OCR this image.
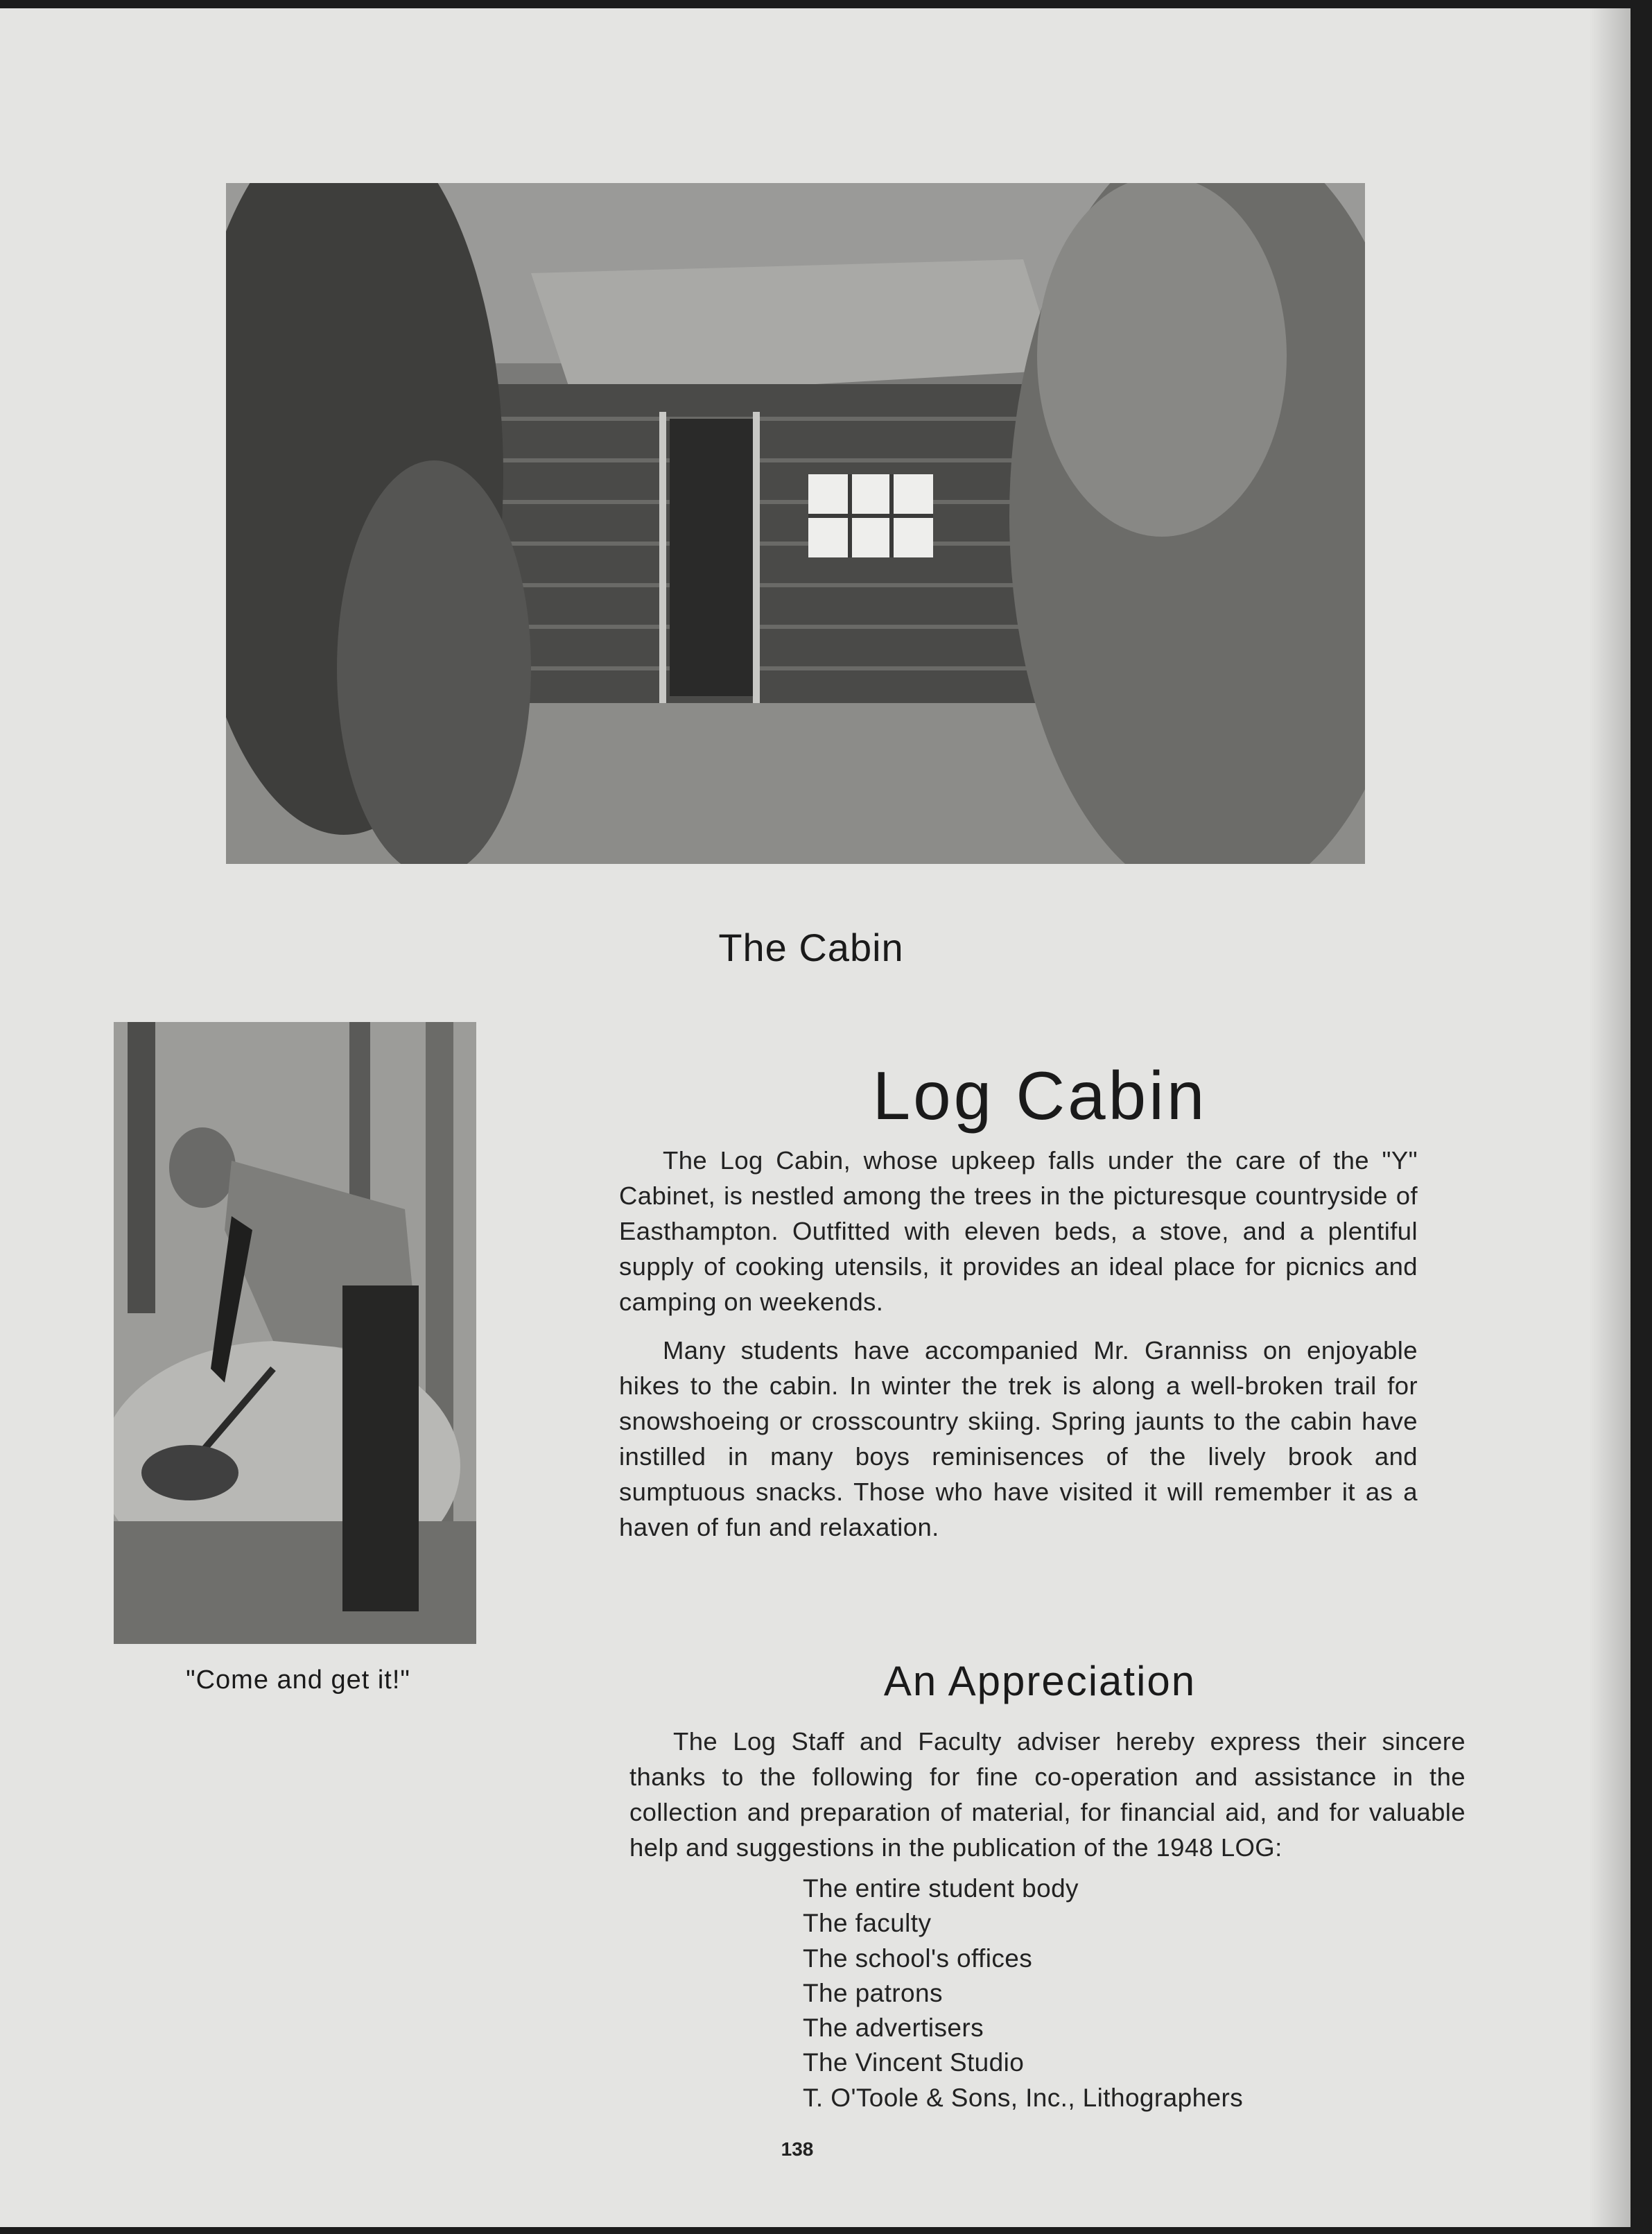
The Cabin
"Come and get it!"
Log Cabin

The Log Cabin, whose upkeep falls under the care of the "Y" Cabinet, is nestled among the trees in the picturesque countryside of Easthampton. Outfitted with eleven beds, a stove, and a plentiful supply of cooking utensils, it provides an ideal place for picnics and camping on weekends.

Many students have accompanied Mr. Granniss on enjoyable hikes to the cabin. In winter the trek is along a well-broken trail for snowshoeing or crosscountry skiing. Spring jaunts to the cabin have instilled in many boys reminisences of the lively brook and sumptuous snacks. Those who have visited it will remember it as a haven of fun and relaxation.

An Appreciation

The Log Staff and Faculty adviser hereby express their sincere thanks to the following for fine co-operation and assistance in the collection and preparation of material, for financial aid, and for valuable help and suggestions in the publication of the 1948 LOG:

The entire student body
The faculty
The school's offices
The patrons
The advertisers
The Vincent Studio
T. O'Toole & Sons, Inc., Lithographers
138
